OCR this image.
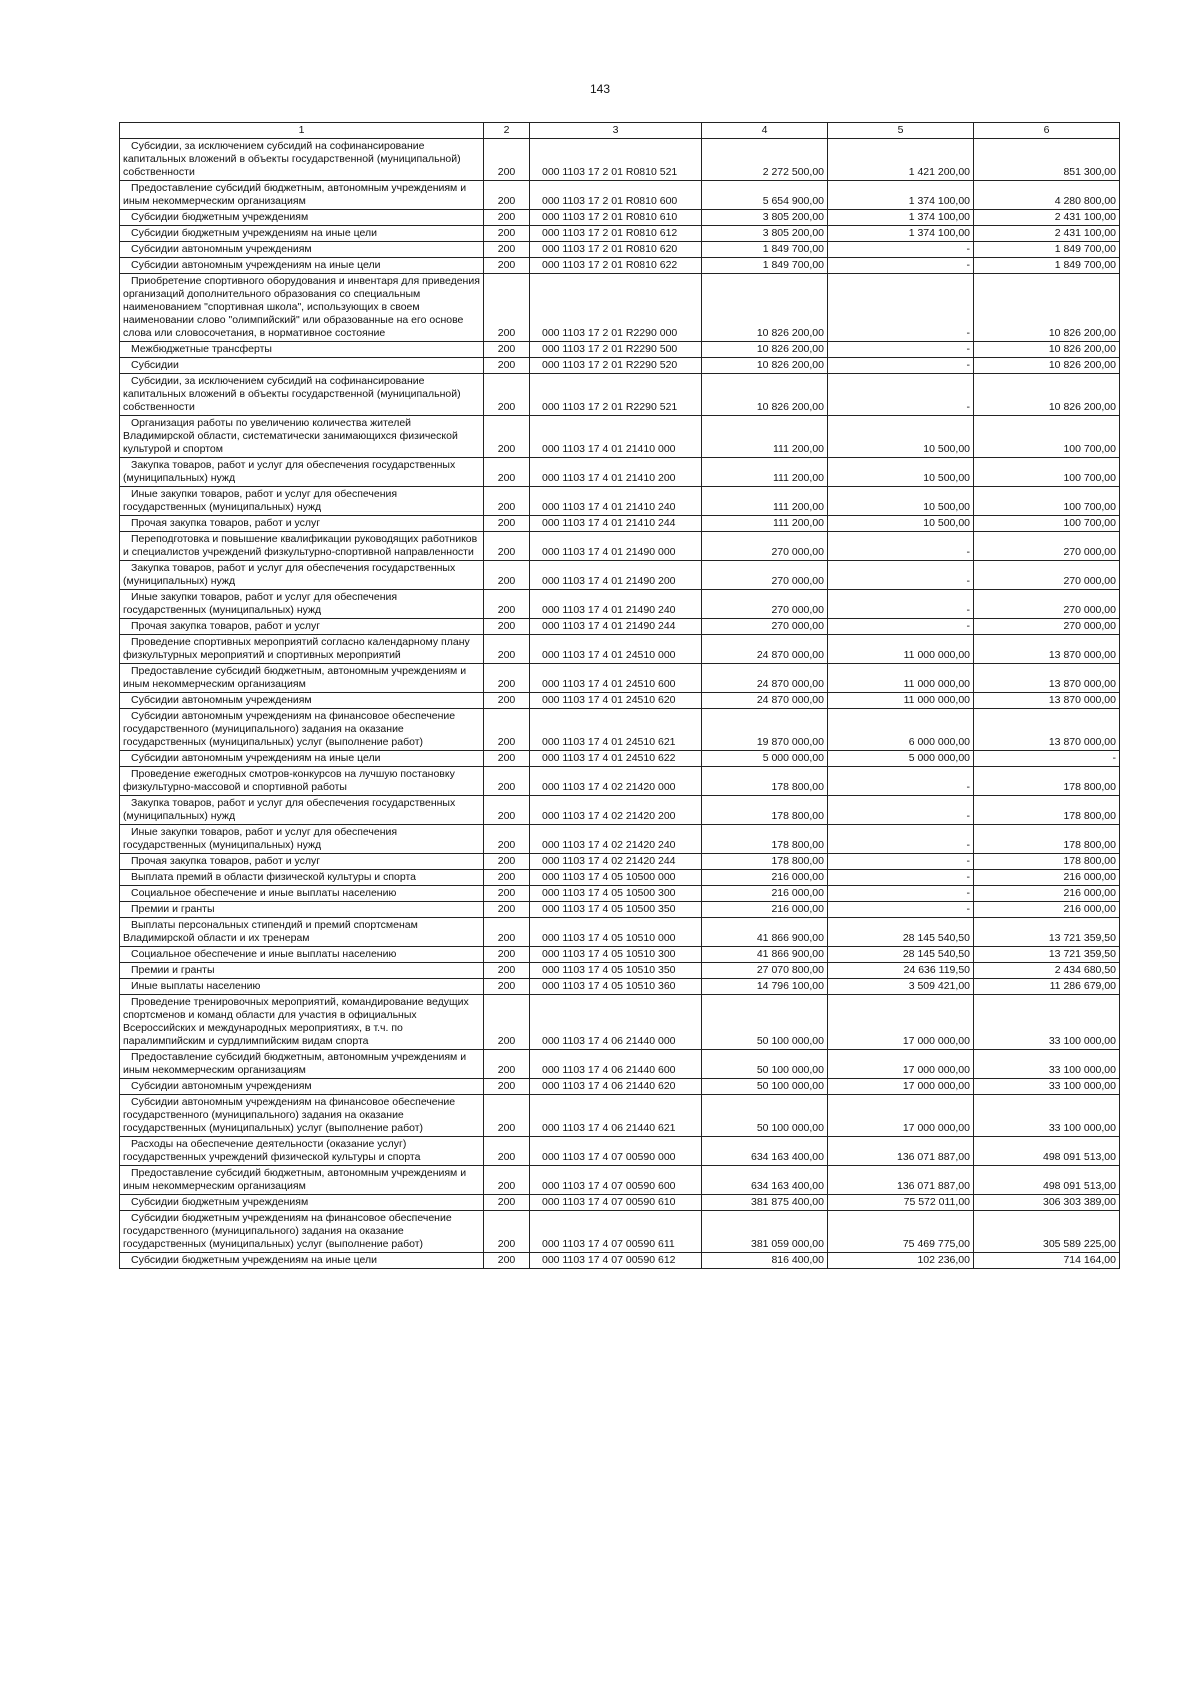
143
1	2	3	4	5	6
Субсидии, за исключением субсидий на софинансирование капитальных вложений в объекты государственной (муниципальной) собственности	200	000 1103 17 2 01 R0810 521	2 272 500,00	1 421 200,00	851 300,00
Предоставление субсидий бюджетным, автономным учреждениям и иным некоммерческим организациям	200	000 1103 17 2 01 R0810 600	5 654 900,00	1 374 100,00	4 280 800,00
Субсидии бюджетным учреждениям	200	000 1103 17 2 01 R0810 610	3 805 200,00	1 374 100,00	2 431 100,00
Субсидии бюджетным учреждениям на иные цели	200	000 1103 17 2 01 R0810 612	3 805 200,00	1 374 100,00	2 431 100,00
Субсидии автономным учреждениям	200	000 1103 17 2 01 R0810 620	1 849 700,00	-	1 849 700,00
Субсидии автономным учреждениям на иные цели	200	000 1103 17 2 01 R0810 622	1 849 700,00	-	1 849 700,00
Приобретение спортивного оборудования и инвентаря для приведения организаций дополнительного образования со специальным наименованием "спортивная школа", использующих в своем наименовании слово "олимпийский" или образованные на его основе слова или словосочетания, в нормативное состояние	200	000 1103 17 2 01 R2290 000	10 826 200,00	-	10 826 200,00
Межбюджетные трансферты	200	000 1103 17 2 01 R2290 500	10 826 200,00	-	10 826 200,00
Субсидии	200	000 1103 17 2 01 R2290 520	10 826 200,00	-	10 826 200,00
Субсидии, за исключением субсидий на софинансирование капитальных вложений в объекты государственной (муниципальной) собственности	200	000 1103 17 2 01 R2290 521	10 826 200,00	-	10 826 200,00
Организация работы по увеличению количества жителей Владимирской области, систематически занимающихся физической культурой и спортом	200	000 1103 17 4 01 21410 000	111 200,00	10 500,00	100 700,00
Закупка товаров, работ и услуг для обеспечения государственных (муниципальных) нужд	200	000 1103 17 4 01 21410 200	111 200,00	10 500,00	100 700,00
Иные закупки товаров, работ и услуг для обеспечения государственных (муниципальных) нужд	200	000 1103 17 4 01 21410 240	111 200,00	10 500,00	100 700,00
Прочая закупка товаров, работ и услуг	200	000 1103 17 4 01 21410 244	111 200,00	10 500,00	100 700,00
Переподготовка и повышение квалификации руководящих работников и специалистов учреждений физкультурно-спортивной направленности	200	000 1103 17 4 01 21490 000	270 000,00	-	270 000,00
Закупка товаров, работ и услуг для обеспечения государственных (муниципальных) нужд	200	000 1103 17 4 01 21490 200	270 000,00	-	270 000,00
Иные закупки товаров, работ и услуг для обеспечения государственных (муниципальных) нужд	200	000 1103 17 4 01 21490 240	270 000,00	-	270 000,00
Прочая закупка товаров, работ и услуг	200	000 1103 17 4 01 21490 244	270 000,00	-	270 000,00
Проведение спортивных мероприятий согласно календарному плану физкультурных мероприятий и спортивных мероприятий	200	000 1103 17 4 01 24510 000	24 870 000,00	11 000 000,00	13 870 000,00
Предоставление субсидий бюджетным, автономным учреждениям и иным некоммерческим организациям	200	000 1103 17 4 01 24510 600	24 870 000,00	11 000 000,00	13 870 000,00
Субсидии автономным учреждениям	200	000 1103 17 4 01 24510 620	24 870 000,00	11 000 000,00	13 870 000,00
Субсидии автономным учреждениям на финансовое обеспечение государственного (муниципального) задания на оказание государственных (муниципальных) услуг (выполнение работ)	200	000 1103 17 4 01 24510 621	19 870 000,00	6 000 000,00	13 870 000,00
Субсидии автономным учреждениям на иные цели	200	000 1103 17 4 01 24510 622	5 000 000,00	5 000 000,00	-
Проведение ежегодных смотров-конкурсов на лучшую постановку физкультурно-массовой и спортивной работы	200	000 1103 17 4 02 21420 000	178 800,00	-	178 800,00
Закупка товаров, работ и услуг для обеспечения государственных (муниципальных) нужд	200	000 1103 17 4 02 21420 200	178 800,00	-	178 800,00
Иные закупки товаров, работ и услуг для обеспечения государственных (муниципальных) нужд	200	000 1103 17 4 02 21420 240	178 800,00	-	178 800,00
Прочая закупка товаров, работ и услуг	200	000 1103 17 4 02 21420 244	178 800,00	-	178 800,00
Выплата премий в области физической культуры и спорта	200	000 1103 17 4 05 10500 000	216 000,00	-	216 000,00
Социальное обеспечение и иные выплаты населению	200	000 1103 17 4 05 10500 300	216 000,00	-	216 000,00
Премии и гранты	200	000 1103 17 4 05 10500 350	216 000,00	-	216 000,00
Выплаты персональных стипендий и премий спортсменам Владимирской области и их тренерам	200	000 1103 17 4 05 10510 000	41 866 900,00	28 145 540,50	13 721 359,50
Социальное обеспечение и иные выплаты населению	200	000 1103 17 4 05 10510 300	41 866 900,00	28 145 540,50	13 721 359,50
Премии и гранты	200	000 1103 17 4 05 10510 350	27 070 800,00	24 636 119,50	2 434 680,50
Иные выплаты населению	200	000 1103 17 4 05 10510 360	14 796 100,00	3 509 421,00	11 286 679,00
Проведение тренировочных мероприятий, командирование ведущих спортсменов и команд области для участия в официальных Всероссийских и международных мероприятиях, в т.ч. по паралимпийским и сурдлимпийским видам спорта	200	000 1103 17 4 06 21440 000	50 100 000,00	17 000 000,00	33 100 000,00
Предоставление субсидий бюджетным, автономным учреждениям и иным некоммерческим организациям	200	000 1103 17 4 06 21440 600	50 100 000,00	17 000 000,00	33 100 000,00
Субсидии автономным учреждениям	200	000 1103 17 4 06 21440 620	50 100 000,00	17 000 000,00	33 100 000,00
Субсидии автономным учреждениям на финансовое обеспечение государственного (муниципального) задания на оказание государственных (муниципальных) услуг (выполнение работ)	200	000 1103 17 4 06 21440 621	50 100 000,00	17 000 000,00	33 100 000,00
Расходы на обеспечение деятельности (оказание услуг) государственных учреждений физической культуры и спорта	200	000 1103 17 4 07 00590 000	634 163 400,00	136 071 887,00	498 091 513,00
Предоставление субсидий бюджетным, автономным учреждениям и иным некоммерческим организациям	200	000 1103 17 4 07 00590 600	634 163 400,00	136 071 887,00	498 091 513,00
Субсидии бюджетным учреждениям	200	000 1103 17 4 07 00590 610	381 875 400,00	75 572 011,00	306 303 389,00
Субсидии бюджетным учреждениям на финансовое обеспечение государственного (муниципального) задания на оказание государственных (муниципальных) услуг (выполнение работ)	200	000 1103 17 4 07 00590 611	381 059 000,00	75 469 775,00	305 589 225,00
Субсидии бюджетным учреждениям на иные цели	200	000 1103 17 4 07 00590 612	816 400,00	102 236,00	714 164,00
